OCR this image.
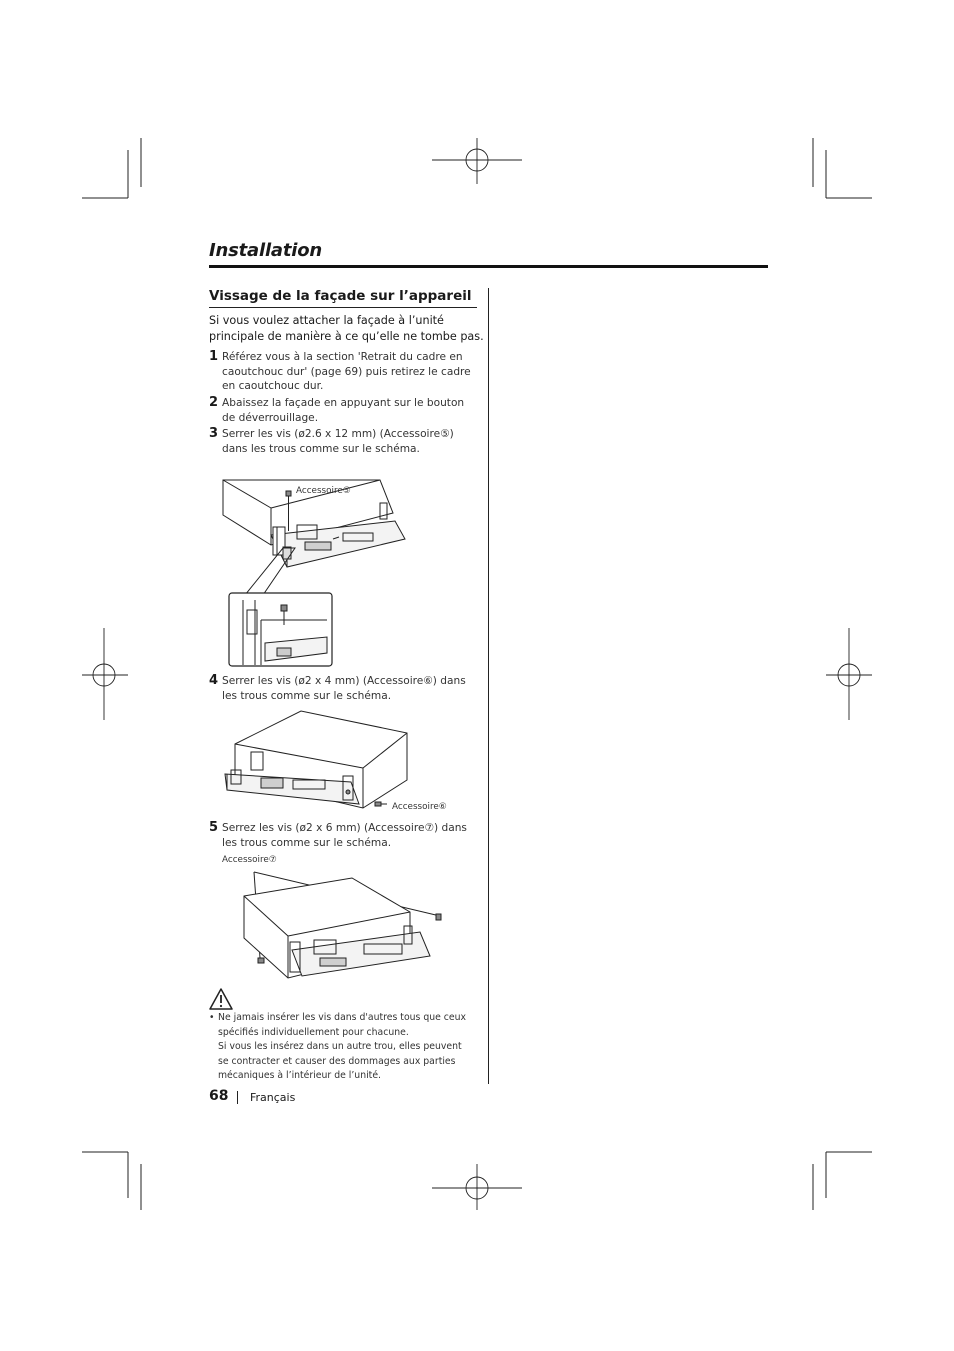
Installation
Vissage de la façade sur l’appareil
Si vous voulez attacher la façade à l’unité principale de manière à ce qu’elle ne tombe pas.
1 Référez vous à la section 'Retrait du cadre en caoutchouc dur' (page 69) puis retirez le cadre en caoutchouc dur.
2 Abaissez la façade en appuyant sur le bouton de déverrouillage.
3 Serrer les vis (ø2.6 x 12 mm) (Accessoire⑤) dans les trous comme sur le schéma.
Accessoire⑤
4 Serrer les vis (ø2 x 4 mm) (Accessoire⑥) dans les trous comme sur le schéma.
Accessoire⑥
5 Serrez les vis (ø2 x 6 mm) (Accessoire⑦) dans les trous comme sur le schéma.
Accessoire⑦
• Ne jamais insérer les vis dans d'autres tous que ceux spécifiés individuellement pour chacune.
Si vous les insérez dans un autre trou, elles peuvent se contracter et causer des dommages aux parties mécaniques à l’intérieur de l’unité.
68 Français
